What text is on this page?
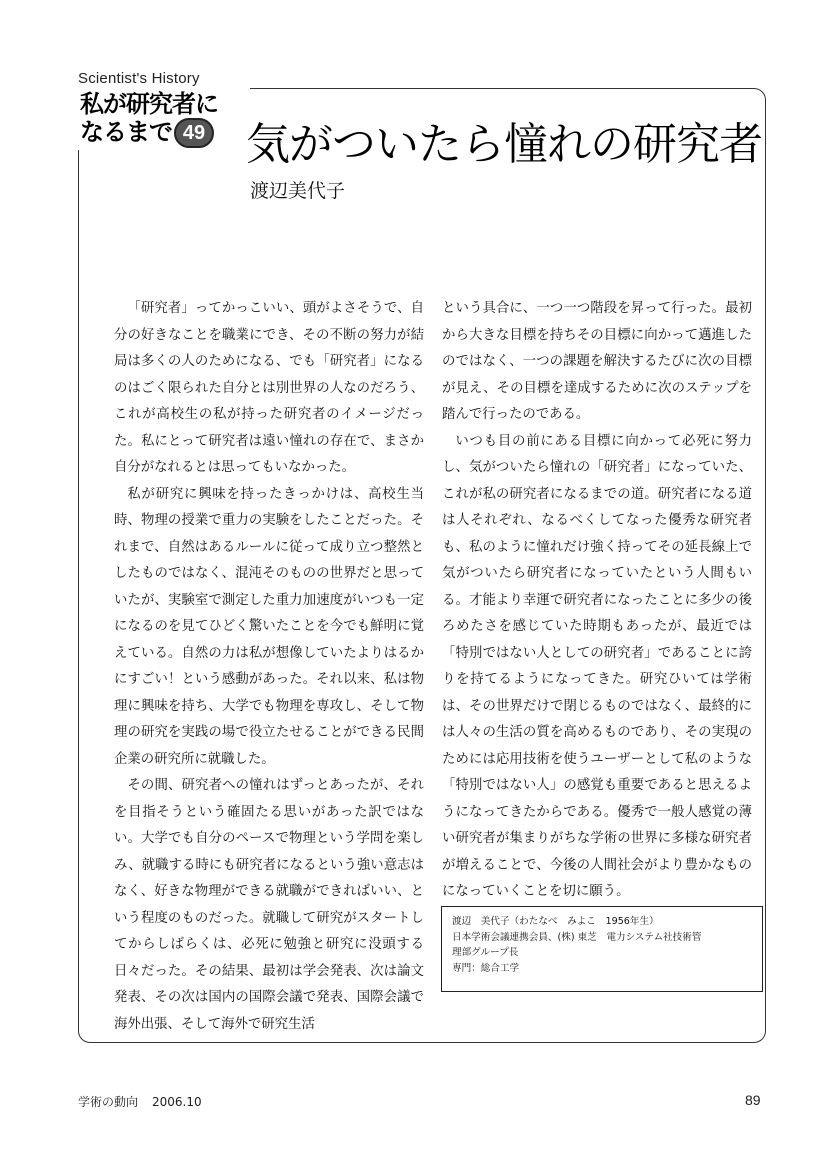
Scientist's History
私が研究者に
なるまで 49 気がついたら憧れの研究者
渡辺美代子

「研究者」ってかっこいい、頭がよさそうで、自分の好きなことを職業にでき、その不断の努力が結局は多くの人のためになる、でも「研究者」になるのはごく限られた自分とは別世界の人なのだろう、これが高校生の私が持った研究者のイメージだった。私にとって研究者は遠い憧れの存在で、まさか自分がなれるとは思ってもいなかった。

私が研究に興味を持ったきっかけは、高校生当時、物理の授業で重力の実験をしたことだった。それまで、自然はあるルールに従って成り立つ整然としたものではなく、混沌そのものの世界だと思っていたが、実験室で測定した重力加速度がいつも一定になるのを見てひどく驚いたことを今でも鮮明に覚えている。自然の力は私が想像していたよりはるかにすごい！という感動があった。それ以来、私は物理に興味を持ち、大学でも物理を専攻し、そして物理の研究を実践の場で役立たせることができる民間企業の研究所に就職した。

その間、研究者への憧れはずっとあったが、それを目指そうという確固たる思いがあった訳ではない。大学でも自分のペースで物理という学問を楽しみ、就職する時にも研究者になるという強い意志はなく、好きな物理ができる就職ができればいい、という程度のものだった。就職して研究がスタートしてからしばらくは、必死に勉強と研究に没頭する日々だった。その結果、最初は学会発表、次は論文発表、その次は国内の国際会議で発表、国際会議で海外出張、そして海外で研究生活

という具合に、一つ一つ階段を昇って行った。最初から大きな目標を持ちその目標に向かって邁進したのではなく、一つの課題を解決するたびに次の目標が見え、その目標を達成するために次のステップを踏んで行ったのである。

いつも目の前にある目標に向かって必死に努力し、気がついたら憧れの「研究者」になっていた、これが私の研究者になるまでの道。研究者になる道は人それぞれ、なるべくしてなった優秀な研究者も、私のように憧れだけ強く持ってその延長線上で気がついたら研究者になっていたという人間もいる。才能より幸運で研究者になったことに多少の後ろめたさを感じていた時期もあったが、最近では「特別ではない人としての研究者」であることに誇りを持てるようになってきた。研究ひいては学術は、その世界だけで閉じるものではなく、最終的には人々の生活の質を高めるものであり、その実現のためには応用技術を使うユーザーとして私のような「特別ではない人」の感覚も重要であると思えるようになってきたからである。優秀で一般人感覚の薄い研究者が集まりがちな学術の世界に多様な研究者が増えることで、今後の人間社会がより豊かなものになっていくことを切に願う。

渡辺　美代子（わたなべ　みよこ　1956年生）
日本学術会議連携会員、(株) 東芝　電力システム社技術管
理部グループ長
専門：総合工学
学術の動向 2006.10	89
